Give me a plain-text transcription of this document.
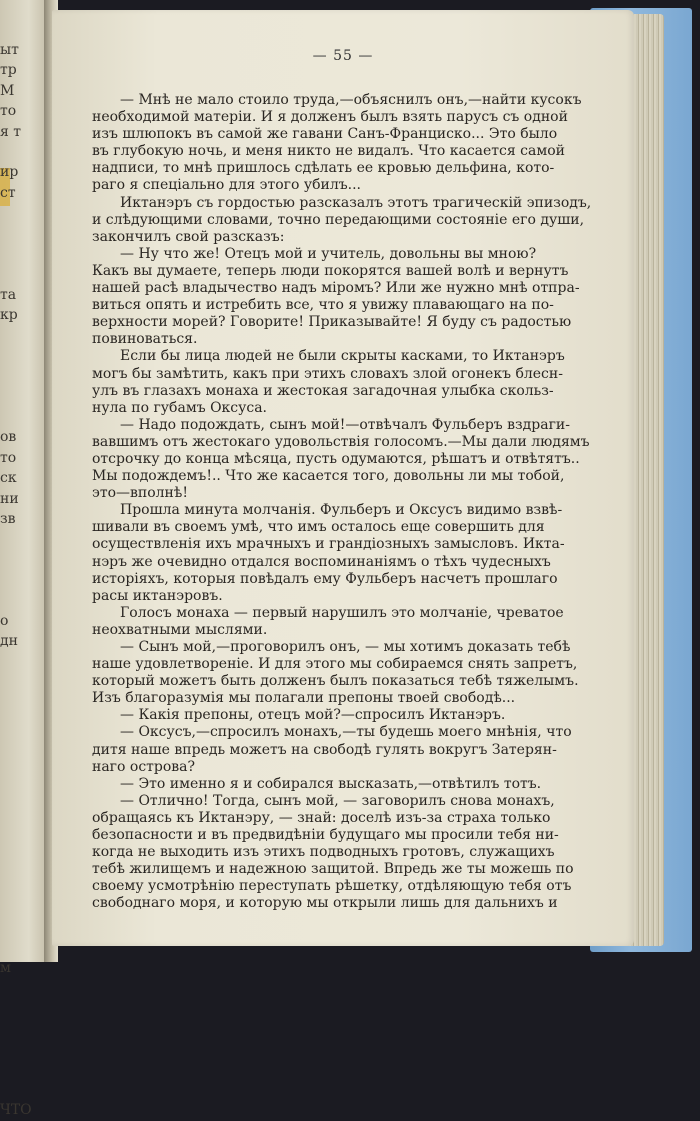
ыт
тр
М
то
я т
ир
ст
та
кр
ов
то
ск
ни
зв
о
дн
м
ЧТО
— 55 —
— Мнѣ не мало стоило труда,—объяснилъ онъ,—найти кусокъ
необходимой матеріи. И я долженъ былъ взять парусъ съ одной
изъ шлюпокъ въ самой же гавани Санъ-Франциско... Это было
въ глубокую ночь, и меня никто не видалъ. Что касается самой
надписи, то мнѣ пришлось сдѣлать ее кровью дельфина, кото-
раго я спеціально для этого убилъ...
Иктанэръ съ гордостью разсказалъ этотъ трагическій эпизодъ,
и слѣдующими словами, точно передающими состояніе его души,
закончилъ свой разсказъ:
— Ну что же! Отецъ мой и учитель, довольны вы мною?
Какъ вы думаете, теперь люди покорятся вашей волѣ и вернутъ
нашей расѣ владычество надъ міромъ? Или же нужно мнѣ отпра-
виться опять и истребить все, что я увижу плавающаго на по-
верхности морей? Говорите! Приказывайте! Я буду съ радостью
повиноваться.
Если бы лица людей не были скрыты касками, то Иктанэръ
могъ бы замѣтить, какъ при этихъ словахъ злой огонекъ блесн-
улъ въ глазахъ монаха и жестокая загадочная улыбка скольз-
нула по губамъ Оксуса.
— Надо подождать, сынъ мой!—отвѣчалъ Фульберъ вздраги-
вавшимъ отъ жестокаго удовольствія голосомъ.—Мы дали людямъ
отсрочку до конца мѣсяца, пусть одумаются, рѣшатъ и отвѣтятъ..
Мы подождемъ!.. Что же касается того, довольны ли мы тобой,
это—вполнѣ!
Прошла минута молчанія. Фульберъ и Оксусъ видимо взвѣ-
шивали въ своемъ умѣ, что имъ осталось еще совершить для
осуществленія ихъ мрачныхъ и грандіозныхъ замысловъ. Икта-
нэръ же очевидно отдался воспоминаніямъ о тѣхъ чудесныхъ
исторіяхъ, которыя повѣдалъ ему Фульберъ насчетъ прошлаго
расы иктанэровъ.
Голосъ монаха — первый нарушилъ это молчаніе, чреватое
неохватными мыслями.
— Сынъ мой,—проговорилъ онъ, — мы хотимъ доказать тебѣ
наше удовлетвореніе. И для этого мы собираемся снять запретъ,
который можетъ быть долженъ былъ показаться тебѣ тяжелымъ.
Изъ благоразумія мы полагали препоны твоей свободѣ...
— Какія препоны, отецъ мой?—спросилъ Иктанэръ.
— Оксусъ,—спросилъ монахъ,—ты будешь моего мнѣнія, что
дитя наше впредь можетъ на свободѣ гулять вокругъ Затерян-
наго острова?
— Это именно я и собирался высказать,—отвѣтилъ тотъ.
— Отлично! Тогда, сынъ мой, — заговорилъ снова монахъ,
обращаясь къ Иктанэру, — знай: доселѣ изъ-за страха только
безопасности и въ предвидѣніи будущаго мы просили тебя ни-
когда не выходить изъ этихъ подводныхъ гротовъ, служащихъ
тебѣ жилищемъ и надежною защитой. Впредь же ты можешь по
своему усмотрѣнію переступать рѣшетку, отдѣляющую тебя отъ
свободнаго моря, и которую мы открыли лишь для дальнихъ и
